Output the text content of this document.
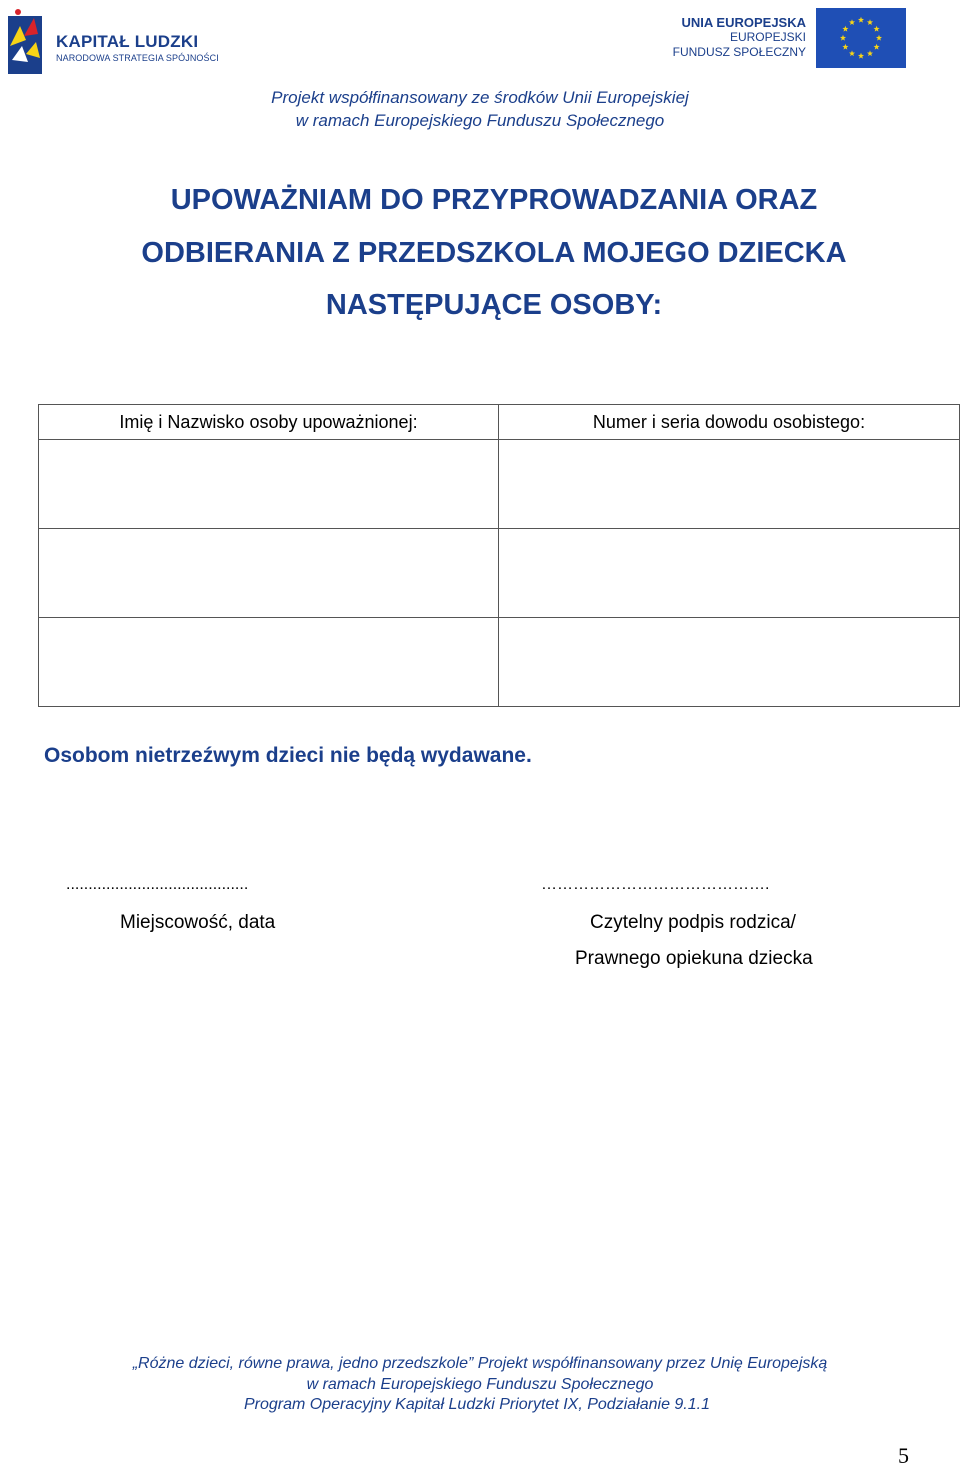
KAPITAŁ LUDZKI
NARODOWA STRATEGIA SPÓJNOŚCI
UNIA EUROPEJSKA
EUROPEJSKI
FUNDUSZ SPOŁECZNY
Projekt współfinansowany ze środków Unii Europejskiej
w ramach Europejskiego Funduszu Społecznego
UPOWAŻNIAM DO PRZYPROWADZANIA ORAZ
ODBIERANIA Z PRZEDSZKOLA MOJEGO DZIECKA
NASTĘPUJĄCE OSOBY:
Imię i Nazwisko osoby upoważnionej:	Numer i seria dowodu osobistego:

Osobom nietrzeźwym dzieci nie będą wydawane.
.........................................	…………………………………….
Miejscowość, data	Czytelny podpis rodzica/
Prawnego opiekuna dziecka
„Różne dzieci, równe prawa, jedno przedszkole” Projekt współfinansowany przez Unię Europejską
w ramach Europejskiego Funduszu Społecznego
Program Operacyjny Kapitał Ludzki Priorytet IX, Podziałanie 9.1.1
5
